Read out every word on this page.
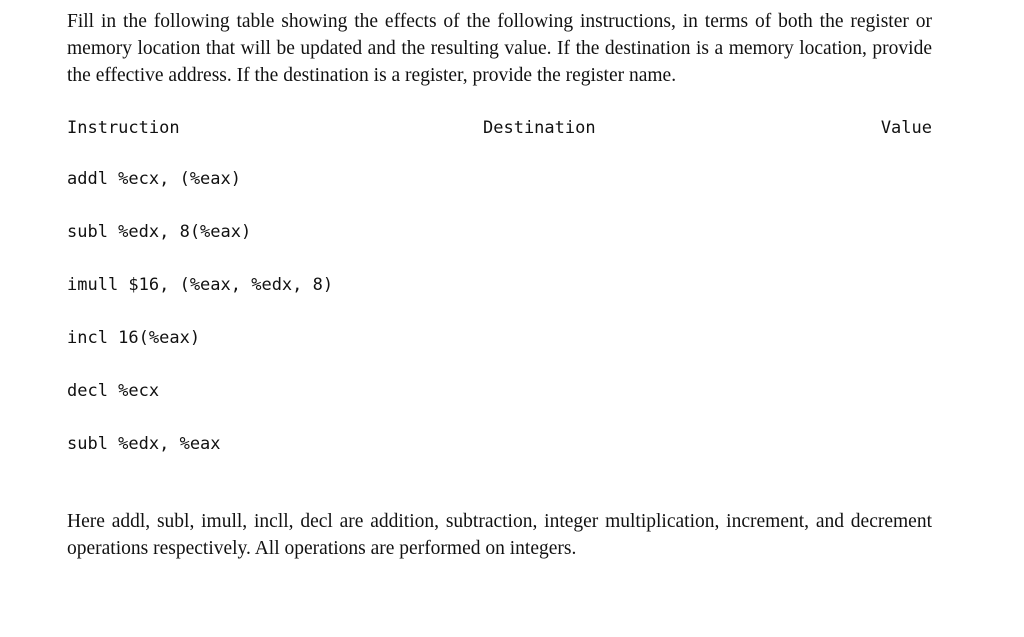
Fill in the following table showing the effects of the following instructions, in terms of both the register or memory location that will be updated and the resulting value. If the destination is a memory location, provide the effective address. If the destination is a register, provide the register name.

Instruction	Destination	Value
addl %ecx, (%eax)
subl %edx, 8(%eax)
imull $16, (%eax, %edx, 8)
incl 16(%eax)
decl %ecx
subl %edx, %eax

Here addl, subl, imull, incll, decl are addition, subtraction, integer multiplication, increment, and decrement operations respectively. All operations are performed on integers.
